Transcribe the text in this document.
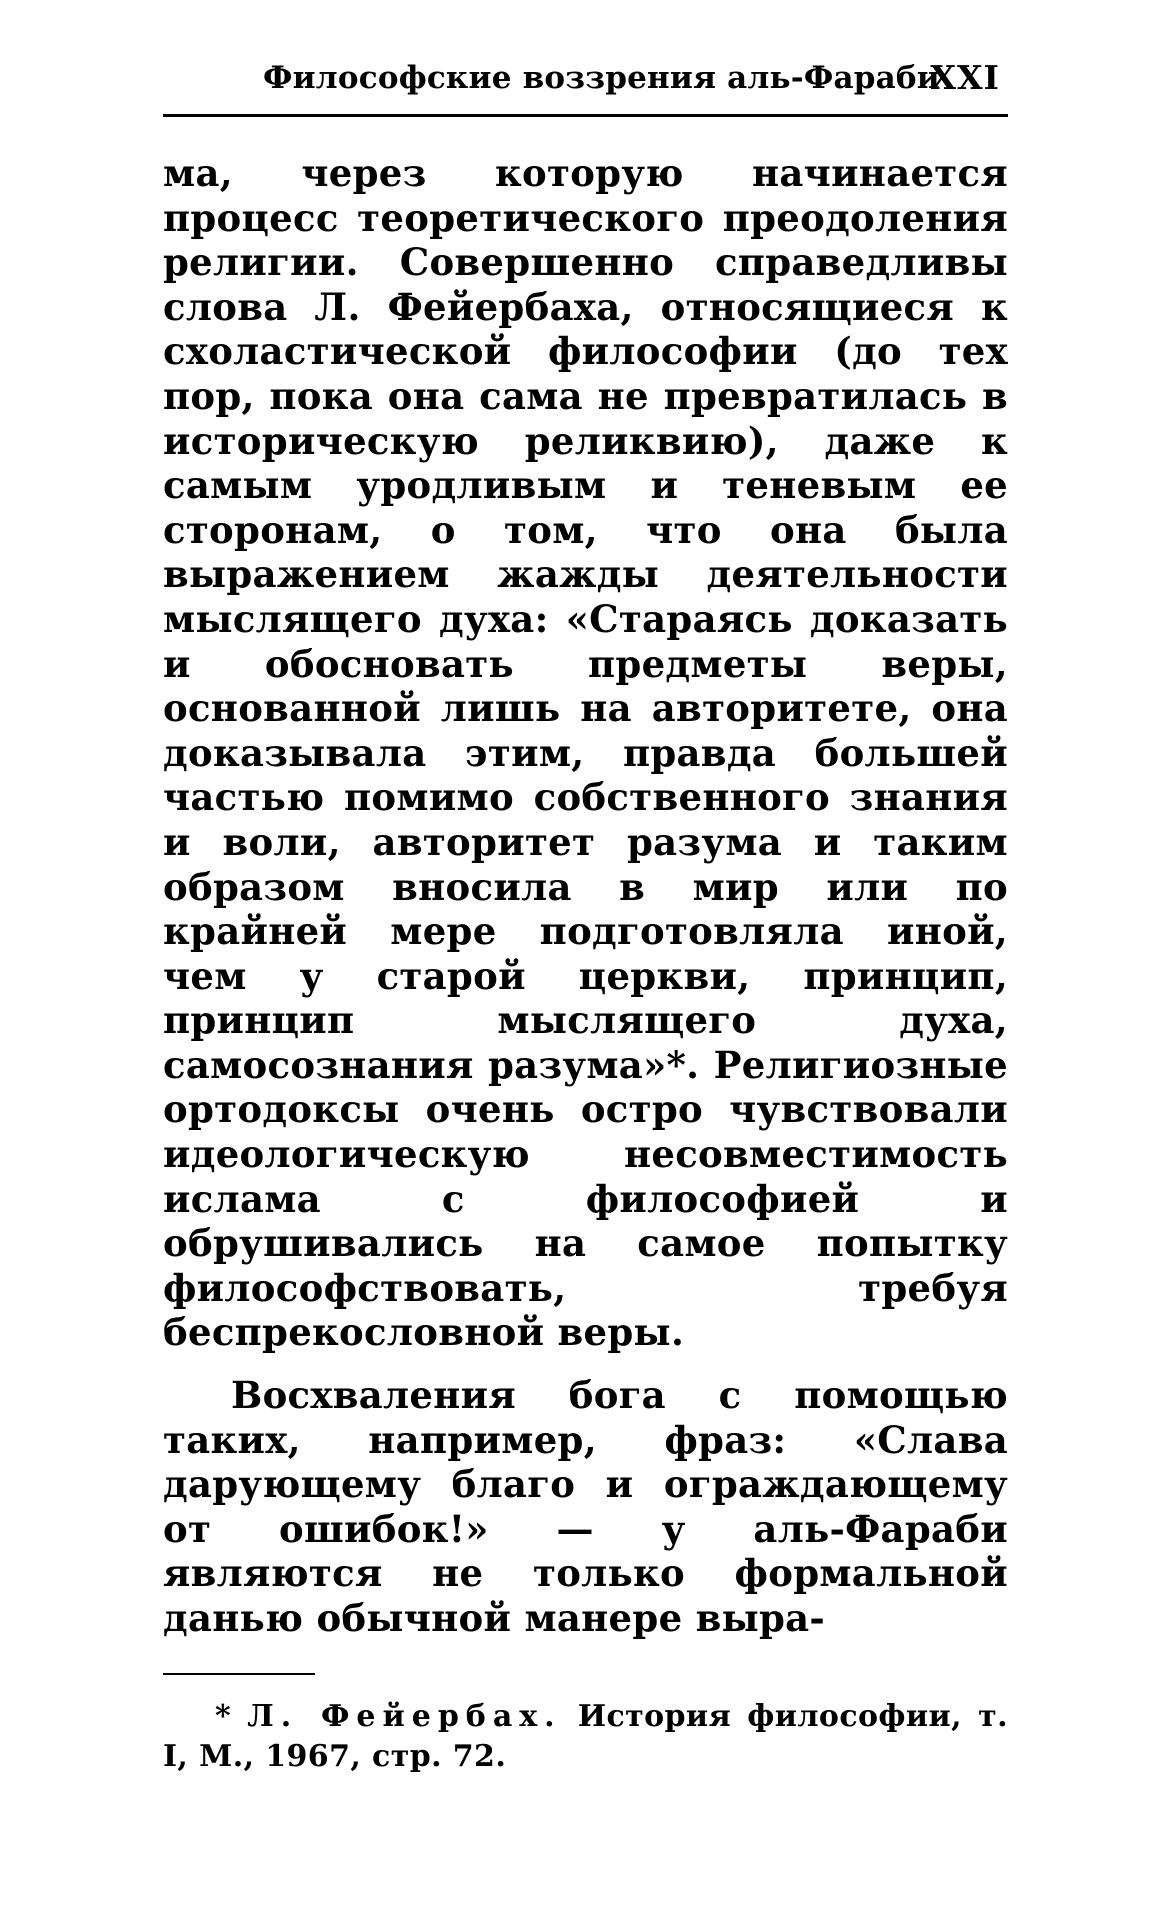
Философские воззрения аль-Фараби
XXI

ма, через которую начинается процесс теоретического преодоления религии. Совершенно справедливы слова Л. Фейербаха, относящиеся к схоластической философии (до тех пор, пока она сама не превратилась в историческую реликвию), даже к самым уродливым и теневым ее сторонам, о том, что она была выражением жажды деятельности мыслящего духа: «Стараясь доказать и обосновать предметы веры, основанной лишь на авторитете, она доказывала этим, правда большей частью помимо собственного знания и воли, авторитет разума и таким образом вносила в мир или по крайней мере подготовляла иной, чем у старой церкви, принцип, принцип мыслящего духа, самосознания разума»*. Религиозные ортодоксы очень остро чувствовали идеологическую несовместимость ислама с философией и обрушивались на самое попытку философствовать, требуя беспрекословной веры.

Восхваления бога с помощью таких, например, фраз: «Слава дарующему благо и ограждающему от ошибок!» — у аль-Фараби являются не только формальной данью обычной манере выра-

* Л. Фейербах. История философии, т. I, М., 1967, стр. 72.
